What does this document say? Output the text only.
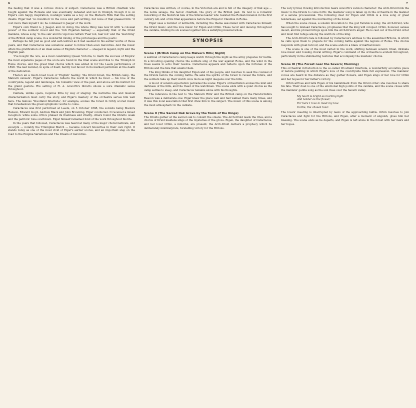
6	7

the feeling that it was a curious choice of subject. Caractacus was a British chieftain who fought against the Romans and was eventually defeated and led in triumph, though it is on Elgar's own happy inspiration, nostalgic walks as a boy on the Malvern Hills that the setting dwells. Elgar had 'no invention' in the voice and part-writing, but none of that pleased him: 'it cost more than myself I do; he confessed to Jaeger of the work.

Elgar's own friend A. J. Jaeger, and, in doing, the whole thing was now lit with 'a colossal power' of the soldiers' mood and the 'rich Elgarian fantasy' — especially that of the Druid maidens, whose song 'to the oak' and its vigorous refrain 'Fear not, fear not' and the 'marching' of the British camp scene, in a wonderful mixing of the picturesque and the poetic.

Perhaps he felt just as good and self-centred as it had seemed in his earlier works of those years, and that Caractacus was somehow easier to follow than even Gerontius. And the music offers the gratification of an ideal sense of English character — steeped in legend, myth and the English past.

'I've bought the 'ere, as a most celebrating Queen Victoria, to mark the success of Empire' the most expansive pages of the score are found in the final scene and thus to the Triumph in Rome chorus, and the great final chorus which was added in for the Leeds performance of 1898. The last number, in spite of itself, hardly lost favour in its marked patriotism at the death of the dedication.

There's an a much-loved book of 'English' feeling: 'the Druid forest, the British camp, the Malvern sunsets'. Elgar's Caractacus reflects the world in which he lived — his love of the countryside, legend and landscape, his romantic view of the past, and above all his instinct for the grand gesture. His setting of H. A. Acworth's libretto shows a sure dramatic sense throughout.

Cantata, unlike opera, requires little by way of staging; the narrative line and musical characterisation must carry the story, and Elgar's mastery of the orchestra serves him well here. The famous 'Woodland Interlude', for example, evokes the forest in richly scored music that foreshadows the great symphonic works to come.

Caractacus was first performed at Leeds, on 5 October 1898, the soloists being Medora Henson, Edward Lloyd, Andrew Black and John Browning, Elgar conducted. It received a mixed reception: while some critics praised its freshness and vitality, others found the libretto weak and the patriotic tone overblown. Elgar himself remained fond of the work throughout his life.

In the years that followed, Caractacus was heard at many of the major choral festivals, and excerpts — notably the Triumphal March — became concert favourites in their own right. It stands today as one of the most vivid of Elgar's earlier scores, and an important step on the road to the Enigma Variations and The Dream of Gerontius.

Caractacus was written, of course, in the Victorian era and is full of the imagery of that age — the noble savage, the heroic chieftain, the glory of the British past. Its text is a romantic reworking of the historical tale of the Silures leader who resisted the Roman invasion in the first century AD, and of his final appearance before the Emperor Claudius in Rome.

Elgar uses a number of leitmotifs, including the theme associated with Caractacus himself, the Druid music, and the love music for Eigen and Orbin. These recur and develop throughout the cantata, binding its six scenes together into a satisfying musical whole.

SYNOPSIS
Scene I (British Camp on the Malvern Hills; Night)

A sentinel of Caractacus's camp keeps watch through the night as the army prepares for battle. In a brooding opening chorus the soldiers sing of the war against Rome, and the wind in the trees seems to echo their resolve. Caractacus appears and reflects upon the fortunes of the Britons and the fate that awaits them.

The king thinks of his daughter Eigen and of his people, and resolves to seek the counsel of the Druids before the coming battle. He asks the spirits of the forest to reveal the future, and the soldiers take up their watch once more as night deepens over the hills.

A mood of solemn expectation pervades the scene; Elgar's orchestration evokes the mist and darkness of the hills, and the tread of the watchmen. The scene ends with a quiet chorus as the camp settles to sleep, and Caractacus remains alone with his thoughts.

The reference in the text to 'the Malvern Hills' and the British camp on the Herefordshire Beacon was a deliberate one: Elgar knew the place well and had walked there many times, and it was this local association that first drew him to the subject. The music of this scene is among the most atmospheric in the cantata.

Scene II (The Sacred Oak Grove by the Tomb of the Kings)

The Druids gather at the sacred oak to consult the omens. The Arch-Druid leads the rites, and a chorus of Druid maidens sings of the mysteries of the grove. Eigen, the daughter of Caractacus, and her lover Orbin, a minstrel, are present; the Arch-Druid delivers a prophecy which he deliberately misinterprets, foretelling victory for the Britons.

The very lyrical, flowing introduction bears Acworth's version character: the Arch-Druid bids the music to the Druids to come forth; the maidens' song is taken up in the orchestra in the manner of a serene processional. The following duet for Eigen and Orbin is a love song of great tenderness, set against the murmuring of the forest.

When the scene closes, a solemn invocation to the god Taranis is sung; the Arch-Druid, who has sought to mislead Caractacus, prophesies that the king will conquer. Orbin, however, senses deceit, and his protest brings upon him the Arch-Druid's anger. He is cast out of the Druid order and must find refuge among the warriors of the king.

The Arch-Druid's tale is followed by Caractacus's address to the assembled Britons, in which he calls upon them to prepare for the coming battle against the legions of Rome. The chorus responds with great fervour, and the scene ends in a blaze of martial music.

The scene is one of the most varied in the work, shifting between solemn ritual, intimate love music and rousing choral writing. Elgar's command of the orchestra is evident throughout, particularly in the shimmering textures that accompany the maidens' chorus.

Scene III (The Forest near the Severn; Morning)

This orchestral introduction is the so-called Woodland Interlude, a wonderfully evocative piece of nature painting in which Elgar's love of the countryside finds full expression. The maidens' voices are heard in the distance as they gather flowers, and Eigen sings of her love for Orbin and her hopes for her father's victory.

Orbin arrives and tells Eigen of his banishment from the Druid order; she resolves to share his fate. Their duet is one of the emotional high points of the cantata, and the scene closes with the maidens' gentle song as the sun rises over the Severn valley.

My heart is bright as morning light
And tender as the flower;
For here I rove to meet my love
In this, the chosen hour.

The lovers' meeting is interrupted by news of the approaching battle. Orbin resolves to join Caractacus and fight for the Britons, and Eigen, after a moment of anguish, gives him her blessing. The scene ends as he departs, and Eigen is left alone in the forest with her fears and her hopes.
